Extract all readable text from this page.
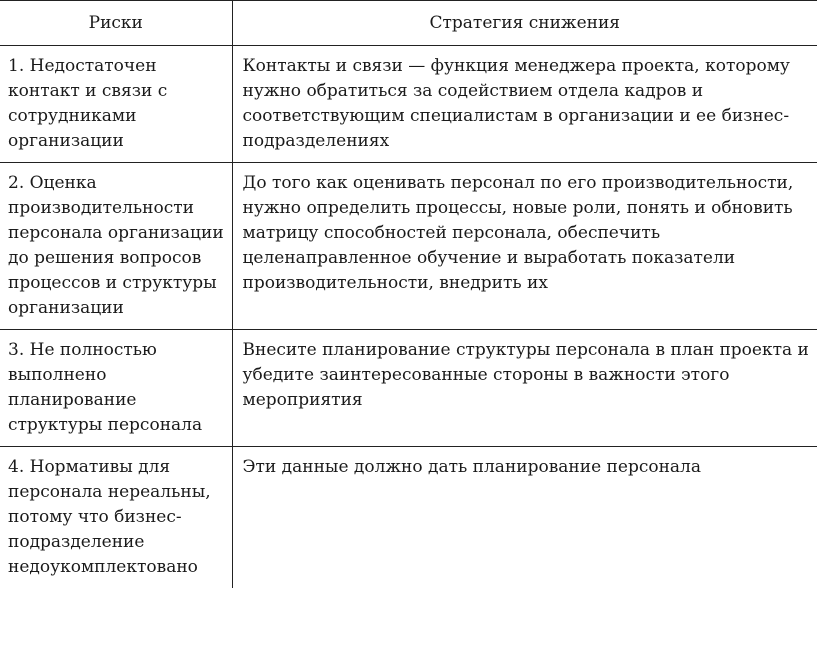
Риски	Стратегия снижения
1. Недостаточен контакт и связи с сотрудниками организации	Контакты и связи — функция менеджера проекта, которому нужно обратиться за содействием отдела кадров и соответствующим специалистам в организации и ее бизнес-подразделениях
2. Оценка производительности персонала организации до решения вопросов процессов и структуры организации	До того как оценивать персонал по его производительности, нужно определить процессы, новые роли, понять и обновить матрицу способностей персонала, обеспечить целенаправленное обучение и выработать показатели производительности, внедрить их
3. Не полностью выполнено планирование структуры персонала	Внесите планирование структуры персонала в план проекта и убедите заинтересованные стороны в важности этого мероприятия
4. Нормативы для персонала нереальны, потому что бизнес-подразделение недоукомплектовано	Эти данные должно дать планирование персонала
